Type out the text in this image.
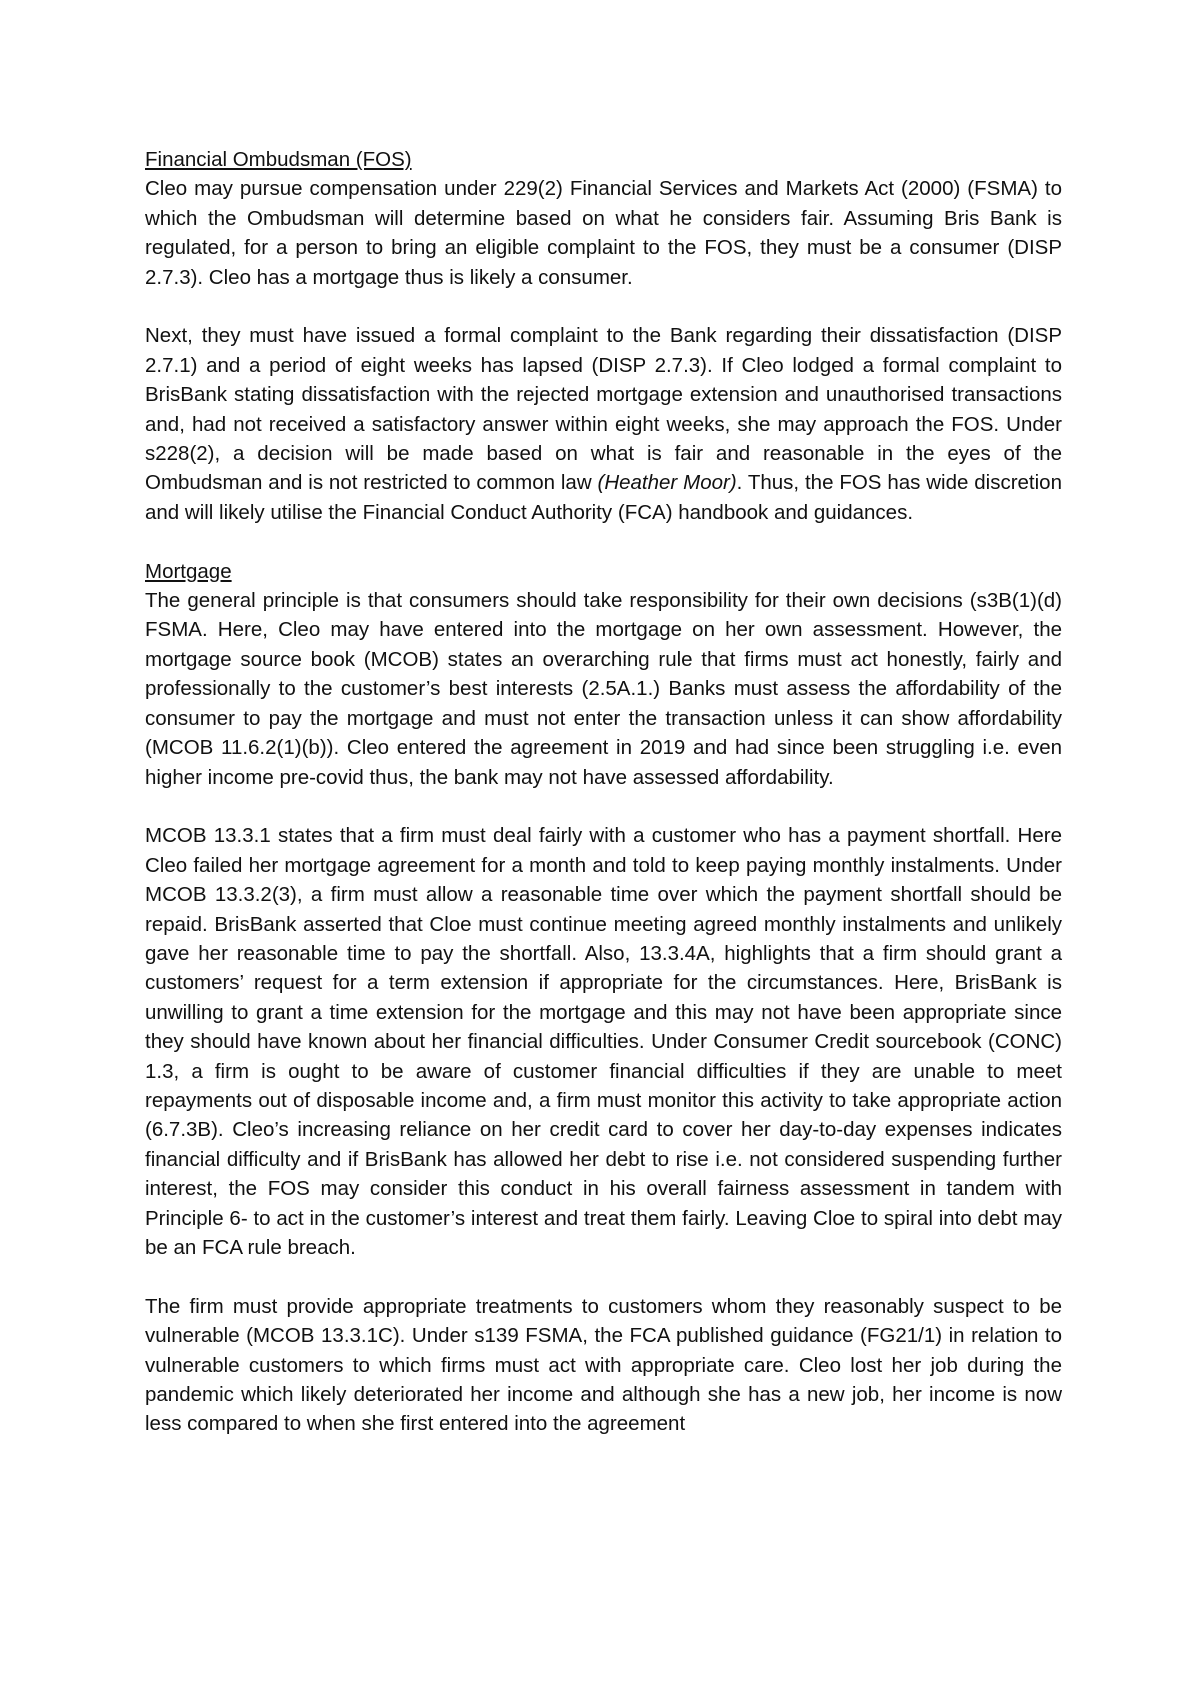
Financial Ombudsman (FOS)

Cleo may pursue compensation under 229(2) Financial Services and Markets Act (2000) (FSMA) to which the Ombudsman will determine based on what he considers fair. Assuming Bris Bank is regulated, for a person to bring an eligible complaint to the FOS, they must be a consumer (DISP 2.7.3). Cleo has a mortgage thus is likely a consumer.

Next, they must have issued a formal complaint to the Bank regarding their dissatisfaction (DISP 2.7.1) and a period of eight weeks has lapsed (DISP 2.7.3). If Cleo lodged a formal complaint to BrisBank stating dissatisfaction with the rejected mortgage extension and unauthorised transactions and, had not received a satisfactory answer within eight weeks, she may approach the FOS. Under s228(2), a decision will be made based on what is fair and reasonable in the eyes of the Ombudsman and is not restricted to common law (Heather Moor). Thus, the FOS has wide discretion and will likely utilise the Financial Conduct Authority (FCA) handbook and guidances.

Mortgage

The general principle is that consumers should take responsibility for their own decisions (s3B(1)(d) FSMA. Here, Cleo may have entered into the mortgage on her own assessment. However, the mortgage source book (MCOB) states an overarching rule that firms must act honestly, fairly and professionally to the customer’s best interests (2.5A.1.) Banks must assess the affordability of the consumer to pay the mortgage and must not enter the transaction unless it can show affordability (MCOB 11.6.2(1)(b)). Cleo entered the agreement in 2019 and had since been struggling i.e. even higher income pre-covid thus, the bank may not have assessed affordability.

MCOB 13.3.1 states that a firm must deal fairly with a customer who has a payment shortfall. Here Cleo failed her mortgage agreement for a month and told to keep paying monthly instalments. Under MCOB 13.3.2(3), a firm must allow a reasonable time over which the payment shortfall should be repaid. BrisBank asserted that Cloe must continue meeting agreed monthly instalments and unlikely gave her reasonable time to pay the shortfall. Also, 13.3.4A, highlights that a firm should grant a customers’ request for a term extension if appropriate for the circumstances. Here, BrisBank is unwilling to grant a time extension for the mortgage and this may not have been appropriate since they should have known about her financial difficulties. Under Consumer Credit sourcebook (CONC) 1.3, a firm is ought to be aware of customer financial difficulties if they are unable to meet repayments out of disposable income and, a firm must monitor this activity to take appropriate action (6.7.3B). Cleo’s increasing reliance on her credit card to cover her day-to-day expenses indicates financial difficulty and if BrisBank has allowed her debt to rise i.e. not considered suspending further interest, the FOS may consider this conduct in his overall fairness assessment in tandem with Principle 6- to act in the customer’s interest and treat them fairly. Leaving Cloe to spiral into debt may be an FCA rule breach.

The firm must provide appropriate treatments to customers whom they reasonably suspect to be vulnerable (MCOB 13.3.1C). Under s139 FSMA, the FCA published guidance (FG21/1) in relation to vulnerable customers to which firms must act with appropriate care. Cleo lost her job during the pandemic which likely deteriorated her income and although she has a new job, her income is now less compared to when she first entered into the agreement
